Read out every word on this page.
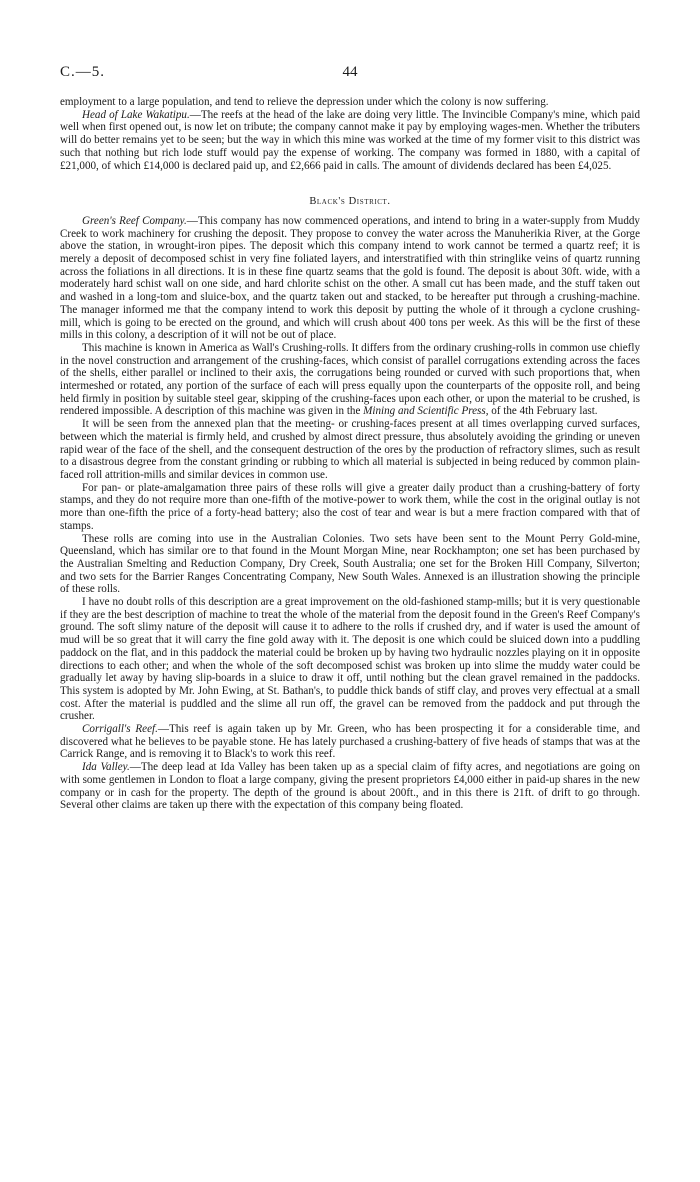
C.—5.	44

employment to a large population, and tend to relieve the depression under which the colony is now suffering.

Head of Lake Wakatipu.—The reefs at the head of the lake are doing very little. The Invincible Company's mine, which paid well when first opened out, is now let on tribute; the company cannot make it pay by employing wages-men. Whether the tributers will do better remains yet to be seen; but the way in which this mine was worked at the time of my former visit to this district was such that nothing but rich lode stuff would pay the expense of working. The company was formed in 1880, with a capital of £21,000, of which £14,000 is declared paid up, and £2,666 paid in calls. The amount of dividends declared has been £4,025.

Black's District.

Green's Reef Company.—This company has now commenced operations, and intend to bring in a water-supply from Muddy Creek to work machinery for crushing the deposit. They propose to convey the water across the Manuherikia River, at the Gorge above the station, in wrought-iron pipes. The deposit which this company intend to work cannot be termed a quartz reef; it is merely a deposit of decomposed schist in very fine foliated layers, and interstratified with thin stringlike veins of quartz running across the foliations in all directions. It is in these fine quartz seams that the gold is found. The deposit is about 30ft. wide, with a moderately hard schist wall on one side, and hard chlorite schist on the other. A small cut has been made, and the stuff taken out and washed in a long-tom and sluice-box, and the quartz taken out and stacked, to be hereafter put through a crushing-machine. The manager informed me that the company intend to work this deposit by putting the whole of it through a cyclone crushing-mill, which is going to be erected on the ground, and which will crush about 400 tons per week. As this will be the first of these mills in this colony, a description of it will not be out of place.

This machine is known in America as Wall's Crushing-rolls. It differs from the ordinary crushing-rolls in common use chiefly in the novel construction and arrangement of the crushing-faces, which consist of parallel corrugations extending across the faces of the shells, either parallel or inclined to their axis, the corrugations being rounded or curved with such proportions that, when intermeshed or rotated, any portion of the surface of each will press equally upon the counterparts of the opposite roll, and being held firmly in position by suitable steel gear, skipping of the crushing-faces upon each other, or upon the material to be crushed, is rendered impossible. A description of this machine was given in the Mining and Scientific Press, of the 4th February last.

It will be seen from the annexed plan that the meeting- or crushing-faces present at all times overlapping curved surfaces, between which the material is firmly held, and crushed by almost direct pressure, thus absolutely avoiding the grinding or uneven rapid wear of the face of the shell, and the consequent destruction of the ores by the production of refractory slimes, such as result to a disastrous degree from the constant grinding or rubbing to which all material is subjected in being reduced by common plain-faced roll attrition-mills and similar devices in common use.

For pan- or plate-amalgamation three pairs of these rolls will give a greater daily product than a crushing-battery of forty stamps, and they do not require more than one-fifth of the motive-power to work them, while the cost in the original outlay is not more than one-fifth the price of a forty-head battery; also the cost of tear and wear is but a mere fraction compared with that of stamps.

These rolls are coming into use in the Australian Colonies. Two sets have been sent to the Mount Perry Gold-mine, Queensland, which has similar ore to that found in the Mount Morgan Mine, near Rockhampton; one set has been purchased by the Australian Smelting and Reduction Company, Dry Creek, South Australia; one set for the Broken Hill Company, Silverton; and two sets for the Barrier Ranges Concentrating Company, New South Wales. Annexed is an illustration showing the principle of these rolls.

I have no doubt rolls of this description are a great improvement on the old-fashioned stamp-mills; but it is very questionable if they are the best description of machine to treat the whole of the material from the deposit found in the Green's Reef Company's ground. The soft slimy nature of the deposit will cause it to adhere to the rolls if crushed dry, and if water is used the amount of mud will be so great that it will carry the fine gold away with it. The deposit is one which could be sluiced down into a puddling paddock on the flat, and in this paddock the material could be broken up by having two hydraulic nozzles playing on it in opposite directions to each other; and when the whole of the soft decomposed schist was broken up into slime the muddy water could be gradually let away by having slip-boards in a sluice to draw it off, until nothing but the clean gravel remained in the paddocks. This system is adopted by Mr. John Ewing, at St. Bathan's, to puddle thick bands of stiff clay, and proves very effectual at a small cost. After the material is puddled and the slime all run off, the gravel can be removed from the paddock and put through the crusher.

Corrigall's Reef.—This reef is again taken up by Mr. Green, who has been prospecting it for a considerable time, and discovered what he believes to be payable stone. He has lately purchased a crushing-battery of five heads of stamps that was at the Carrick Range, and is removing it to Black's to work this reef.

Ida Valley.—The deep lead at Ida Valley has been taken up as a special claim of fifty acres, and negotiations are going on with some gentlemen in London to float a large company, giving the present proprietors £4,000 either in paid-up shares in the new company or in cash for the property. The depth of the ground is about 200ft., and in this there is 21ft. of drift to go through. Several other claims are taken up there with the expectation of this company being floated.
